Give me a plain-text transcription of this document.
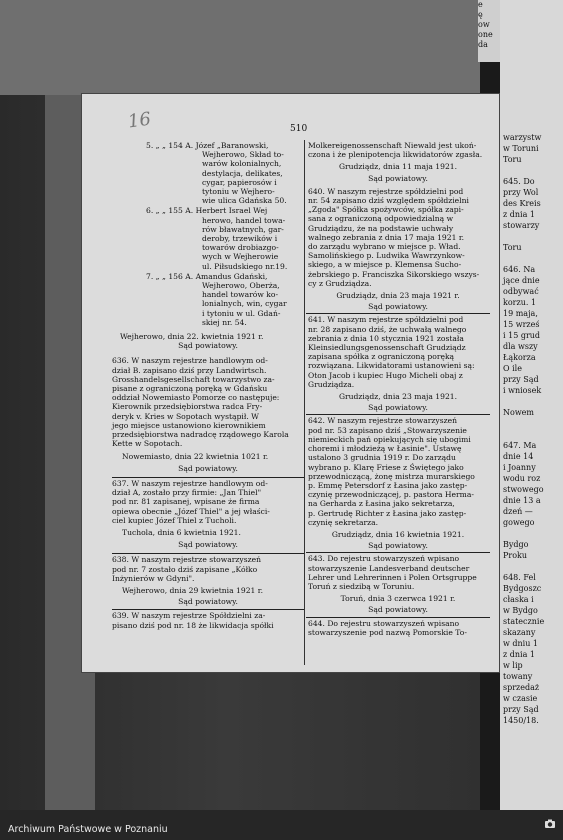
warzystw
w Toruni
Toru

645. Do
przy Wol
des Kreis
z dnia 1
stowarzy

Toru

646. Na
jące dnie
odbywać
korzu. 1
19 maja,
15 wrześ
i 15 grud
dla wszy
Łąkorza
O ile
przy Sąd
i wniosek

Nowem

647. Ma
dnie 14
i Joanny
wodu roz
stwowego
dnie 13 a
dzeń —
gowego

Bydgo
Proku

648. Fel
Bydgoszc
cłaska i
w Bydgo
statecznie
skazany
w dniu 1
z dnia 1
w lip
towany
sprzedaż
w czasie
przy Sąd
1450/18.
e
ę
ow
one
da
16	510
5. „ „ 154 A. Józef „Baranowski,
Wejherowo, Skład to-
warów kolonialnych,
destylacja, delikates,
cygar, papierosów i
tytoniu w Wejhero-
wie ulica Gdańska 50.
6. „ „ 155 A. Herbert Israel Wej
herowo, handel towa-
rów bławatnych, gar-
deroby, trzewików i
towarów drobiazgo-
wych w Wejherowie
ul. Piłsudskiego nr.19.
7. „ „ 156 A. Amandus Gdański,
Wejherowo, Oberża,
handel towarów ko-
lonialnych, win, cygar
i tytoniu w ul. Gdań-
skiej nr. 54.
Wejherowo, dnia 22. kwietnia 1921 r.
Sąd powiatowy.
636. W naszym rejestrze handlowym od-
dział B. zapisano dziś przy Landwirtsch.
Grosshandelsgesellschaft towarzystwo za-
pisane z ograniczoną poręką w Gdańsku
oddział Nowemiasto Pomorze co następuje:
Kierownik przedsiębiorstwa radca Fry-
deryk v. Kries w Sopotach wystąpił. W
jego miejsce ustanowiono kierownikiem
przedsiębiorstwa nadradcę rządowego Karola
Kette w Sopotach.
Nowemiasto, dnia 22 kwietnia 1021 r.
Sąd powiatowy.
637. W naszym rejestrze handlowym od-
dział A, zostało przy firmie: „Jan Thiel"
pod nr. 81 zapisanej, wpisane że firma
opiewa obecnie „Józef Thiel" a jej właści-
ciel kupiec Józef Thiel z Tucholi.
Tuchola, dnia 6 kwietnia 1921.
Sąd powiatowy.
638. W naszym rejestrze stowarzyszeń
pod nr. 7 zostało dziś zapisane „Kółko
Inżynierów w Gdyni".
Wejherowo, dnia 29 kwietnia 1921 r.
Sąd powiatowy.
639. W naszym rejestrze Spółdzielni za-
pisano dziś pod nr. 18 że likwidacja spółki
Molkereigenossenschaft Niewald jest ukoń-
czona i że plenipotencja likwidatorów zgasła.
Grudziądz, dnia 11 maja 1921.
Sąd powiatowy.
640. W naszym rejestrze spółdzielni pod
nr. 54 zapisano dziś względem spółdzielni
„Zgoda" Spółka spożywców, spółka zapi-
sana z ograniczoną odpowiedzialną w
Grudziądzu, że na podstawie uchwały
walnego zebrania z dnia 17 maja 1921 r.
do zarządu wybrano w miejsce p. Wład.
Samolińskiego p. Ludwika Wawrzynkow-
skiego, a w miejsce p. Klemensa Sucho-
żebrskiego p. Franciszka Sikorskiego wszys-
cy z Grudziądza.
Grudziądz, dnia 23 maja 1921 r.
Sąd powiatowy.
641. W naszym rejestrze spółdzielni pod
nr. 28 zapisano dziś, że uchwałą walnego
zebrania z dnia 10 stycznia 1921 została
Kleinsiedlungsgenossenschaft Grudziądz
zapisana spółka z ograniczoną poręką
rozwiązana. Likwidatorami ustanowieni są:
Oton Jacob i kupiec Hugo Micheli obaj z
Grudziądza.
Grudziądz, dnia 23 maja 1921.
Sąd powiatowy.
642. W naszym rejestrze stowarzyszeń
pod nr. 53 zapisano dziś „Stowarzyszenie
niemieckich pań opiekujących się ubogimi
choremi i młodzieżą w Łasinie". Ustawę
ustalono 3 grudnia 1919 r. Do zarządu
wybrano p. Klarę Friese z Świętego jako
przewodniczącą, żonę mistrza murarskiego
p. Emmę Petersdorf z Łasina jako zastęp-
czynię przewodniczącej, p. pastora Herma-
na Gerharda z Łasina jako sekretarza,
p. Gertrudę Richter z Łasina jako zastęp-
czynię sekretarza.
Grudziądz, dnia 16 kwietnia 1921.
Sąd powiatowy.
643. Do rejestru stowarzyszeń wpisano
stowarzyszenie Landesverband deutscher
Lehrer und Lehrerinnen i Polen Ortsgruppe
Toruń z siedzibą w Toruniu.
Toruń, dnia 3 czerwca 1921 r.
Sąd powiatowy.
644. Do rejestru stowarzyszeń wpisano
stowarzyszenie pod nazwą Pomorskie To-
Archiwum Państwowe w Poznaniu
